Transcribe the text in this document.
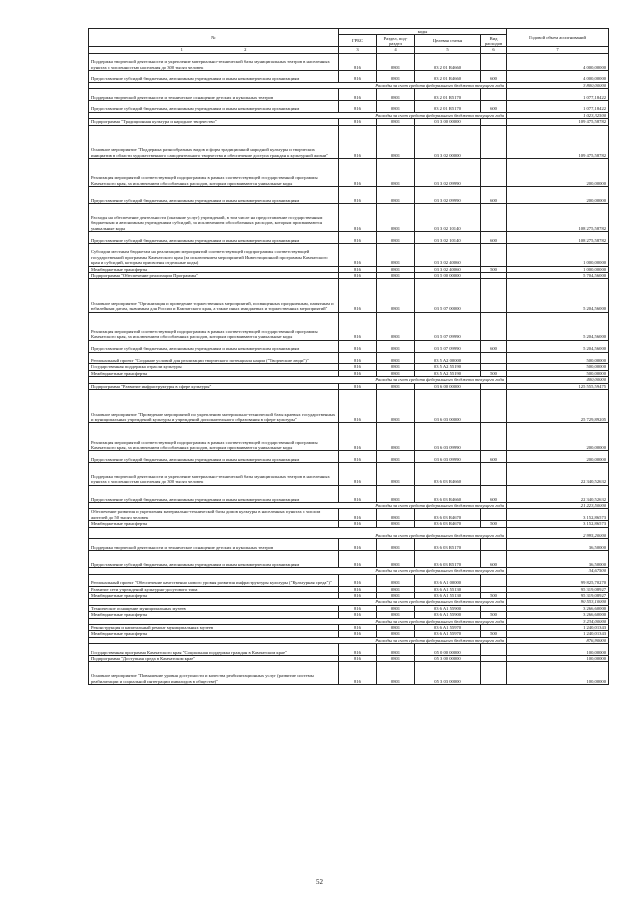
№	коды				Годовой объем ассигнований
	ГРБС	Раздел, под-раздел	Целевая статья	Вид расходов	
1 2	3	4	5	6	7
Поддержка творческой деятельности и укрепление материально-технической базы муниципальных театров в населенных пунктах с численностью населения до 300 тысяч человек	816	0801	03 2 01 R4660		4 000,00000
Предоставление субсидий бюджетным, автономным учреждениям и иным некоммерческим организациям	816	0801	03 2 01 R4660	600	4 000,00000
Расходы за счет средств федерального бюджета текущего года					3 800,00000
Поддержка творческой деятельности и техническое оснащение детских и кукольных театров	816	0801	03 2 01 R5170		1 077,18422
Предоставление субсидий бюджетным, автономным учреждениям и иным некоммерческим организациям	816	0801	03 2 01 R5170	600	1 077,18422
Расходы за счет средств федерального бюджета текущего года					1 023,32500
Подпрограмма "Традиционная культура и народное творчество"	816	0801	03 3 00 00000		109 475,58782
Основное мероприятие "Поддержка разнообразных видов и форм традиционной народной культуры и творческих инициатив в области художественного самодеятельного творчества и обеспечение доступа граждан к культурной жизни"	816	0801	03 3 02 00000		109 475,58782
Реализация мероприятий соответствующей подпрограммы в рамках соответствующей государственной программы Камчатского края, за исключением обособленных расходов, которым присваиваются уникальные коды	816	0801	03 3 02 09990		200,00000
Предоставление субсидий бюджетным, автономным учреждениям и иным некоммерческим организациям	816	0801	03 3 02 09990	600	200,00000
Расходы на обеспечение деятельности (оказание услуг) учреждений, в том числе на предоставление государственным бюджетным и автономным учреждениям субсидий, за исключением обособленных расходов, которым присваиваются уникальные коды	816	0801	03 3 02 10140		108 275,58782
Предоставление субсидий бюджетным, автономным учреждениям и иным некоммерческим организациям	816	0801	03 3 02 10140	600	108 275,58782
Субсидии местным бюджетам на реализацию мероприятий соответствующей подпрограммы соответствующей государственной программы Камчатского края (за исключением мероприятий Инвестиционной программы Камчатского края и субсидий, которым присвоены отдельные коды)	816	0801	03 3 02 40060		1 000,00000
Межбюджетные трансферты	816	0801	03 3 02 40060	500	1 000,00000
Подпрограмма "Обеспечение реализации Программы"	816	0801	03 5 00 00000		5 704,56000
Основное мероприятие "Организация и проведение торжественных мероприятий, посвященных праздничным, памятным и юбилейным датам, значимым для России и Камчатского края, а также иных имиджевых и торжественных мероприятий"	816	0801	03 5 07 00000		5 204,56000
Реализация мероприятий соответствующей подпрограммы в рамках соответствующей государственной программы Камчатского края, за исключением обособленных расходов, которым присваиваются уникальные коды	816	0801	03 5 07 09990		5 204,56000
Предоставление субсидий бюджетным, автономным учреждениям и иным некоммерческим организациям	816	0801	03 5 07 09990	600	5 204,56000
Региональный проект "Создание условий для реализации творческого потенциала нации ("Творческие люди")"	816	0801	03 5 A2 00000		500,00000
Государственная поддержка отрасли культуры	816	0801	03 5 A2 55190		500,00000
Межбюджетные трансферты	816	0801	03 5 A2 55190	500	500,00000
Расходы за счет средств федерального бюджета текущего года					400,00000
Подпрограмма "Развитие инфраструктуры в сфере культуры"	816	0801	03 6 00 00000		125 555,59475
Основное мероприятие "Проведение мероприятий по укреплению материально-технической базы краевых государственных и муниципальных учреждений культуры и учреждений дополнительного образования в сфере культуры"	816	0801	03 6 03 00000		25 729,89205
Реализация мероприятий соответствующей подпрограммы в рамках соответствующей государственной программы Камчатского края, за исключением обособленных расходов, которым присваиваются уникальные коды	816	0801	03 6 03 09990		200,00000
Предоставление субсидий бюджетным, автономным учреждениям и иным некоммерческим организациям	816	0801	03 6 03 09990	600	200,00000
Поддержка творческой деятельности и укрепление материально-технической базы муниципальных театров в населенных пунктах с численностью населения до 300 тысяч человек	816	0801	03 6 03 R4660		22 340,52632
Предоставление субсидий бюджетным, автономным учреждениям и иным некоммерческим организациям	816	0801	03 6 03 R4660	600	22 340,52632
Расходы за счет средств федерального бюджета текущего года					21 223,50000
Обеспечение развития и укрепления материально-технической базы домов культуры в населенных пунктах с числом жителей до 50 тысяч человек	816	0801	03 6 03 R4670		3 152,86573
Межбюджетные трансферты	816	0801	03 6 03 R4670	500	3 152,86573
Расходы за счет средств федерального бюджета текущего года					2 995,20000
Поддержка творческой деятельности и техническое оснащение детских и кукольных театров	816	0801	03 6 03 R5170		36,50000
Предоставление субсидий бюджетным, автономным учреждениям и иным некоммерческим организациям	816	0801	03 6 03 R5170	600	36,50000
Расходы за счет средств федерального бюджета текущего года					34,67500
Региональный проект "Обеспечение качественно нового уровня развития инфраструктуры культуры ("Культурная среда")"	816	0801	03 6 A1 00000		99 825,70270
Развитие сети учреждений культурно-досугового типа	816	0801	03 6 A1 55130		95 319,08927
Межбюджетные трансферты	816	0801	03 6 A1 55130	500	95 319,08927
Расходы за счет средств федерального бюджета текущего года					90 553,10000
Техническое оснащение муниципальных музеев	816	0801	03 6 A1 55900		3 266,60000
Межбюджетные трансферты	816	0801	03 6 A1 55900	500	3 266,60000
Расходы за счет средств федерального бюджета текущего года					3 234,00000
Реконструкция и капитальный ремонт муниципальных музеев	816	0801	03 6 A1 55970		1 240,01343
Межбюджетные трансферты	816	0801	03 6 A1 55970	500	1 240,01343
Расходы за счет средств федерального бюджета текущего года					876,90000
Государственная программа Камчатского края "Социальная поддержка граждан в Камчатском крае"	816	0801	05 0 00 00000		100,00000
Подпрограмма "Доступная среда в Камчатском крае"	816	0801	05 3 00 00000		100,00000
Основное мероприятие "Повышение уровня доступности и качества реабилитационных услуг (развитие системы реабилитации и социальной интеграции инвалидов в обществе)"	816	0801	05 3 03 00000		100,00000
52
